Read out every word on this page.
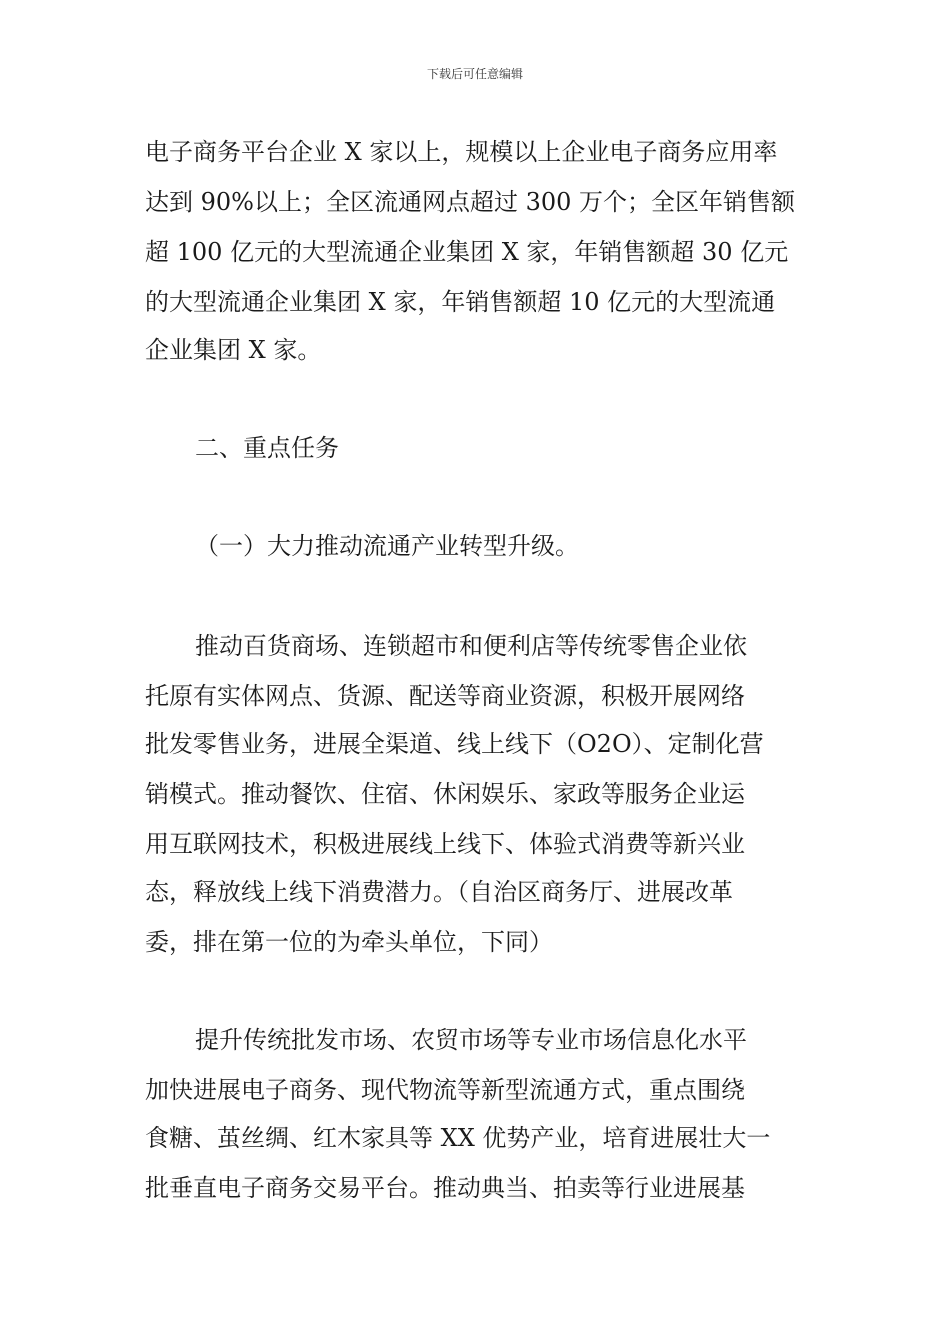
下载后可任意编辑
电子商务平台企业 X 家以上，规模以上企业电子商务应用率
达到 90%以上；全区流通网点超过 300 万个；全区年销售额
超 100 亿元的大型流通企业集团 X 家，年销售额超 30 亿元
的大型流通企业集团 X 家，年销售额超 10 亿元的大型流通
企业集团 X 家。
二、重点任务
（一）大力推动流通产业转型升级。
推动百货商场、连锁超市和便利店等传统零售企业依
托原有实体网点、货源、配送等商业资源，积极开展网络
批发零售业务，进展全渠道、线上线下（O2O）、定制化营
销模式。推动餐饮、住宿、休闲娱乐、家政等服务企业运
用互联网技术，积极进展线上线下、体验式消费等新兴业
态，释放线上线下消费潜力。（自治区商务厅、进展改革
委，排在第一位的为牵头单位，下同）
提升传统批发市场、农贸市场等专业市场信息化水平
加快进展电子商务、现代物流等新型流通方式，重点围绕
食糖、茧丝绸、红木家具等 XX 优势产业，培育进展壮大一
批垂直电子商务交易平台。推动典当、拍卖等行业进展基
